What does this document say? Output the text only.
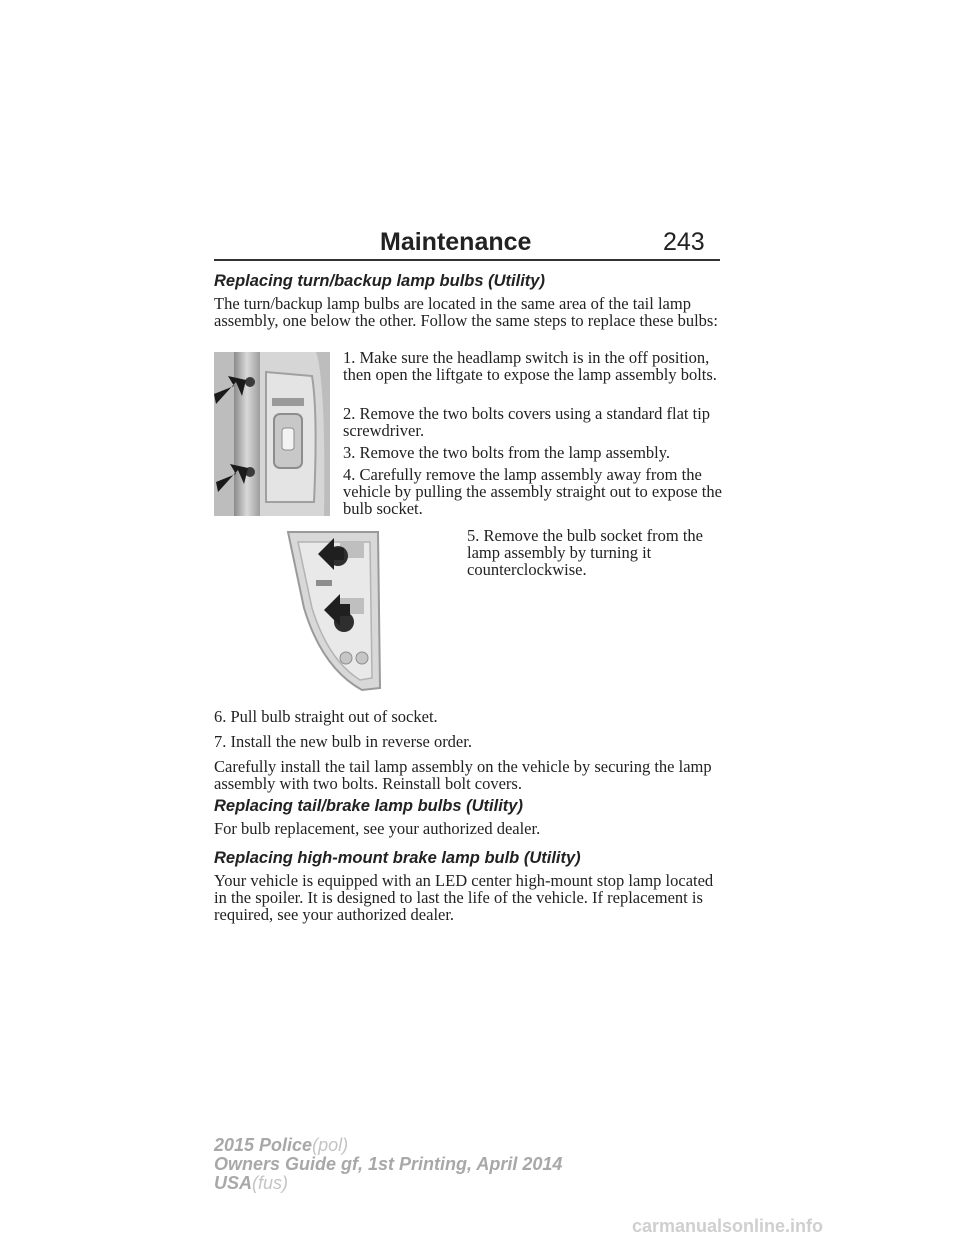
Maintenance	243
Replacing turn/backup lamp bulbs (Utility)
The turn/backup lamp bulbs are located in the same area of the tail lamp assembly, one below the other. Follow the same steps to replace these bulbs:
1. Make sure the headlamp switch is in the off position, then open the liftgate to expose the lamp assembly bolts.
2. Remove the two bolts covers using a standard flat tip screwdriver.
3. Remove the two bolts from the lamp assembly.
4. Carefully remove the lamp assembly away from the vehicle by pulling the assembly straight out to expose the bulb socket.
5. Remove the bulb socket from the lamp assembly by turning it counterclockwise.
6. Pull bulb straight out of socket.
7. Install the new bulb in reverse order.
Carefully install the tail lamp assembly on the vehicle by securing the lamp assembly with two bolts. Reinstall bolt covers.
Replacing tail/brake lamp bulbs (Utility)
For bulb replacement, see your authorized dealer.
Replacing high-mount brake lamp bulb (Utility)
Your vehicle is equipped with an LED center high-mount stop lamp located in the spoiler. It is designed to last the life of the vehicle. If replacement is required, see your authorized dealer.
2015 Police(pol)
Owners Guide gf, 1st Printing, April 2014
USA(fus)
carmanualsonline.info
